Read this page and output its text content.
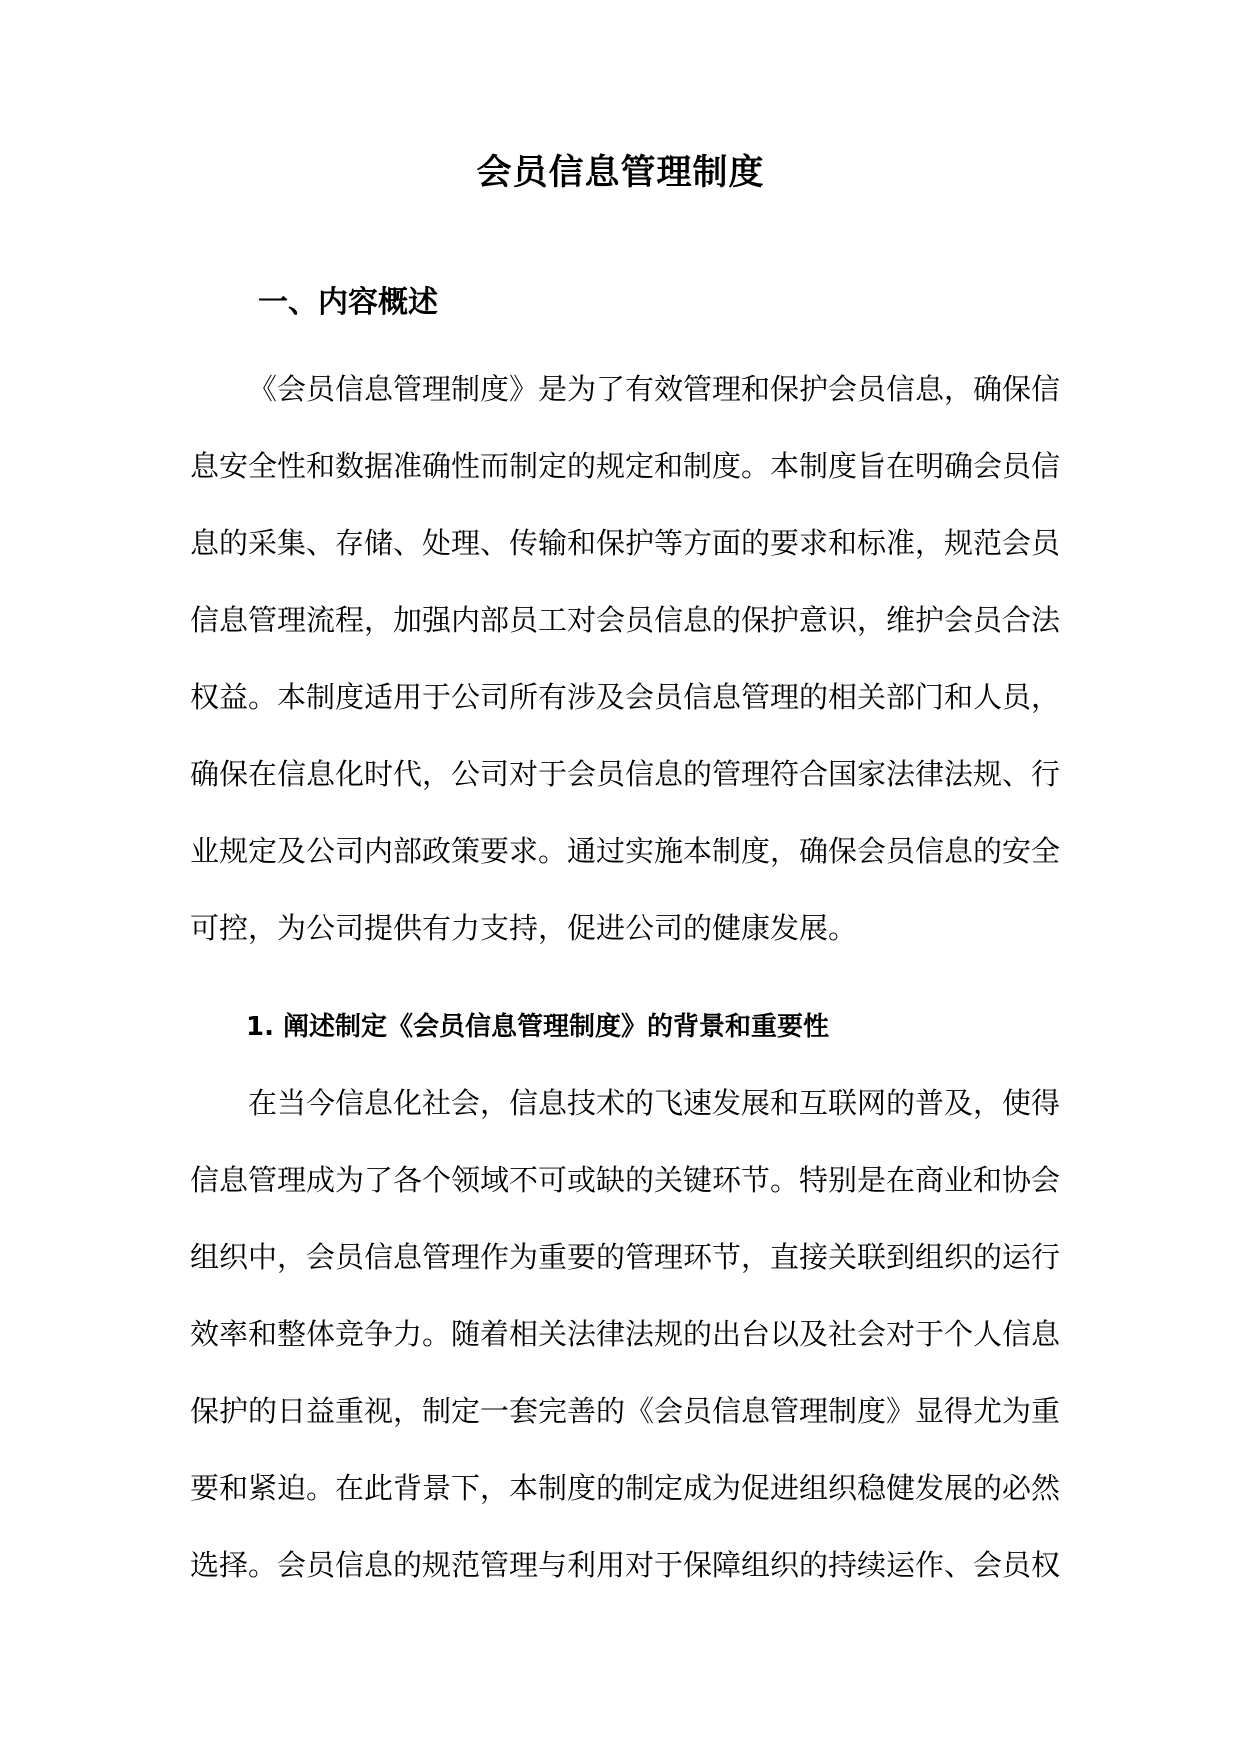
会员信息管理制度
一、内容概述
《会员信息管理制度》是为了有效管理和保护会员信息，确保信
息安全性和数据准确性而制定的规定和制度。本制度旨在明确会员信
息的采集、存储、处理、传输和保护等方面的要求和标准，规范会员
信息管理流程，加强内部员工对会员信息的保护意识，维护会员合法
权益。本制度适用于公司所有涉及会员信息管理的相关部门和人员，
确保在信息化时代，公司对于会员信息的管理符合国家法律法规、行
业规定及公司内部政策要求。通过实施本制度，确保会员信息的安全
可控，为公司提供有力支持，促进公司的健康发展。
1. 阐述制定《会员信息管理制度》的背景和重要性
在当今信息化社会，信息技术的飞速发展和互联网的普及，使得
信息管理成为了各个领域不可或缺的关键环节。特别是在商业和协会
组织中，会员信息管理作为重要的管理环节，直接关联到组织的运行
效率和整体竞争力。随着相关法律法规的出台以及社会对于个人信息
保护的日益重视，制定一套完善的《会员信息管理制度》显得尤为重
要和紧迫。在此背景下，本制度的制定成为促进组织稳健发展的必然
选择。会员信息的规范管理与利用对于保障组织的持续运作、会员权
